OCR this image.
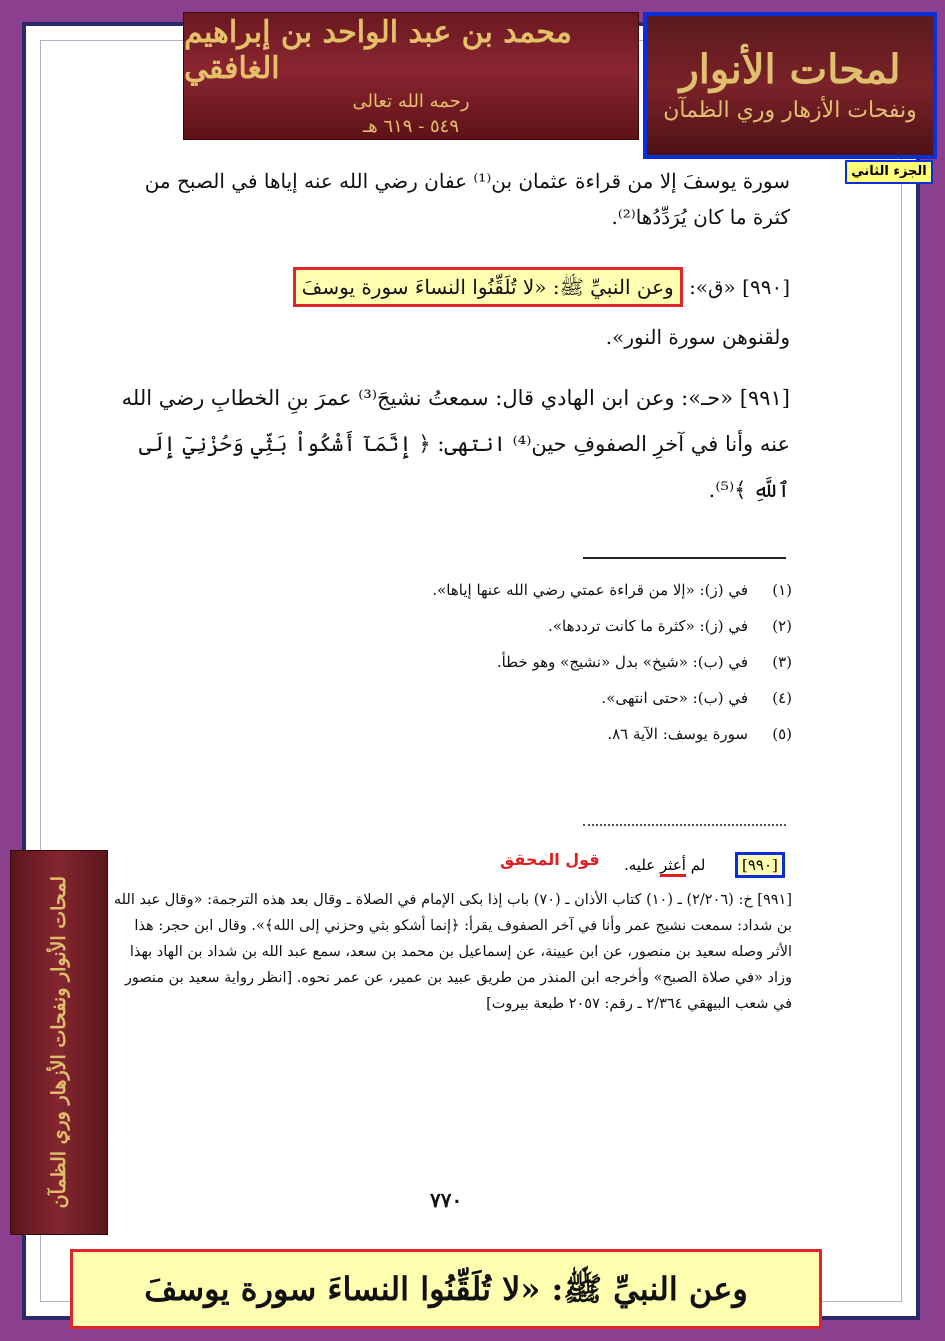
محمد بن عبد الواحد بن إبراهيم الغافقي
رحمه الله تعالى
٥٤٩ - ٦١٩ هـ
لمحات الأنوار
ونفحات الأزهار وري الظمآن
الجزء الثاني
سورة يوسفَ إلا من قراءة عثمان بن⁽¹⁾ عفان رضي الله عنه إياها في الصبح من كثرة ما كان يُرَدِّدُها⁽²⁾.
[٩٩٠] «ق»: وعن النبيِّ ﷺ: «لا تُلَقِّنُوا النساءَ سورة يوسفَ
ولقنوهن سورة النور».
[٩٩١] «حـ»: وعن ابن الهادي قال: سمعتُ نشيجَ⁽³⁾ عمرَ بنِ الخطابِ رضي الله عنه وأنا في آخرِ الصفوفِ حين⁽⁴⁾ انتهى: ﴿ إِنَّمَآ أَشْكُواْ بَثِّي وَحُزْنِيٓ إِلَى ٱللَّهِ ﴾⁽⁵⁾.
(١)
في (ز): «إلا من قراءة عمتي رضي الله عنها إياها».
(٢)
في (ز): «كثرة ما كانت ترددها».
(٣)
في (ب): «شيخ» بدل «نشيج» وهو خطأ.
(٤)
في (ب): «حتى انتهى».
(٥)
سورة يوسف: الآية ٨٦.
قول المحقق	[٩٩٠]
لم أعثر عليه.
[٩٩١] خ: (٢/٢٠٦) ـ (١٠) كتاب الأذان ـ (٧٠) باب إذا بكى الإمام في الصلاة ـ وقال بعد هذه الترجمة: «وقال عبد الله بن شداد: سمعت نشيج عمر وأنا في آخر الصفوف يقرأ: ﴿إنما أشكو بثي وحزني إلى الله﴾». وقال ابن حجر: هذا الأثر وصله سعيد بن منصور، عن ابن عيينة، عن إسماعيل بن محمد بن سعد، سمع عبد الله بن شداد بن الهاد بهذا وزاد «في صلاة الصبح» وأخرجه ابن المنذر من طريق عبيد بن عمير، عن عمر نحوه. [انظر رواية سعيد بن منصور في شعب البيهقي ٢/٣٦٤ ـ رقم: ٢٠٥٧ طبعة بيروت]
٧٧٠
لمحات الأنوار ونفحات الأزهار وري الظمآن
وعن النبيِّ ﷺ: «لا تُلَقِّنُوا النساءَ سورة يوسفَ
